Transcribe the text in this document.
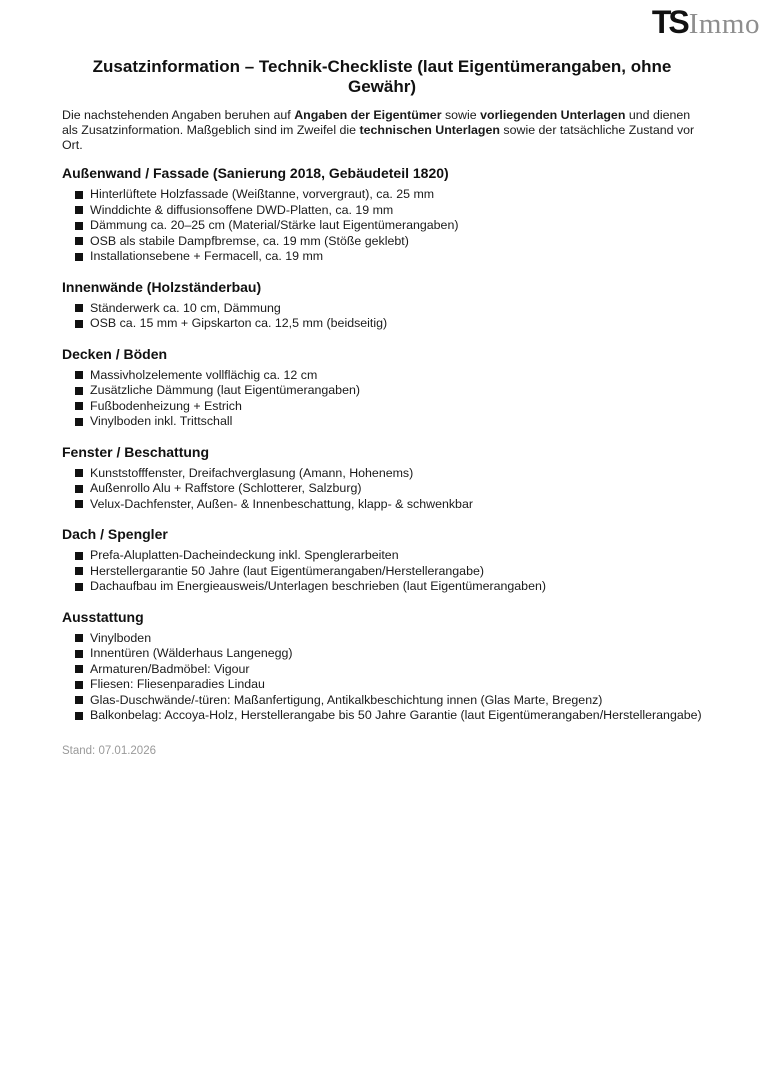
TSImmo
Zusatzinformation – Technik-Checkliste (laut Eigentümerangaben, ohne Gewähr)

Die nachstehenden Angaben beruhen auf Angaben der Eigentümer sowie vorliegenden Unterlagen und dienen als Zusatzinformation. Maßgeblich sind im Zweifel die technischen Unterlagen sowie der tatsächliche Zustand vor Ort.

Außenwand / Fassade (Sanierung 2018, Gebäudeteil 1820)
Hinterlüftete Holzfassade (Weißtanne, vorvergraut), ca. 25 mm
Winddichte & diffusionsoffene DWD-Platten, ca. 19 mm
Dämmung ca. 20–25 cm (Material/Stärke laut Eigentümerangaben)
OSB als stabile Dampfbremse, ca. 19 mm (Stöße geklebt)
Installationsebene + Fermacell, ca. 19 mm
Innenwände (Holzständerbau)
Ständerwerk ca. 10 cm, Dämmung
OSB ca. 15 mm + Gipskarton ca. 12,5 mm (beidseitig)
Decken / Böden
Massivholzelemente vollflächig ca. 12 cm
Zusätzliche Dämmung (laut Eigentümerangaben)
Fußbodenheizung + Estrich
Vinylboden inkl. Trittschall
Fenster / Beschattung
Kunststofffenster, Dreifachverglasung (Amann, Hohenems)
Außenrollo Alu + Raffstore (Schlotterer, Salzburg)
Velux-Dachfenster, Außen- & Innenbeschattung, klapp- & schwenkbar
Dach / Spengler
Prefa-Aluplatten-Dacheindeckung inkl. Spenglerarbeiten
Herstellergarantie 50 Jahre (laut Eigentümerangaben/Herstellerangabe)
Dachaufbau im Energieausweis/Unterlagen beschrieben (laut Eigentümerangaben)
Ausstattung
Vinylboden
Innentüren (Wälderhaus Langenegg)
Armaturen/Badmöbel: Vigour
Fliesen: Fliesenparadies Lindau
Glas-Duschwände/-türen: Maßanfertigung, Antikalkbeschichtung innen (Glas Marte, Bregenz)
Balkonbelag: Accoya-Holz, Herstellerangabe bis 50 Jahre Garantie (laut Eigentümerangaben/Herstellerangabe)

Stand: 07.01.2026
